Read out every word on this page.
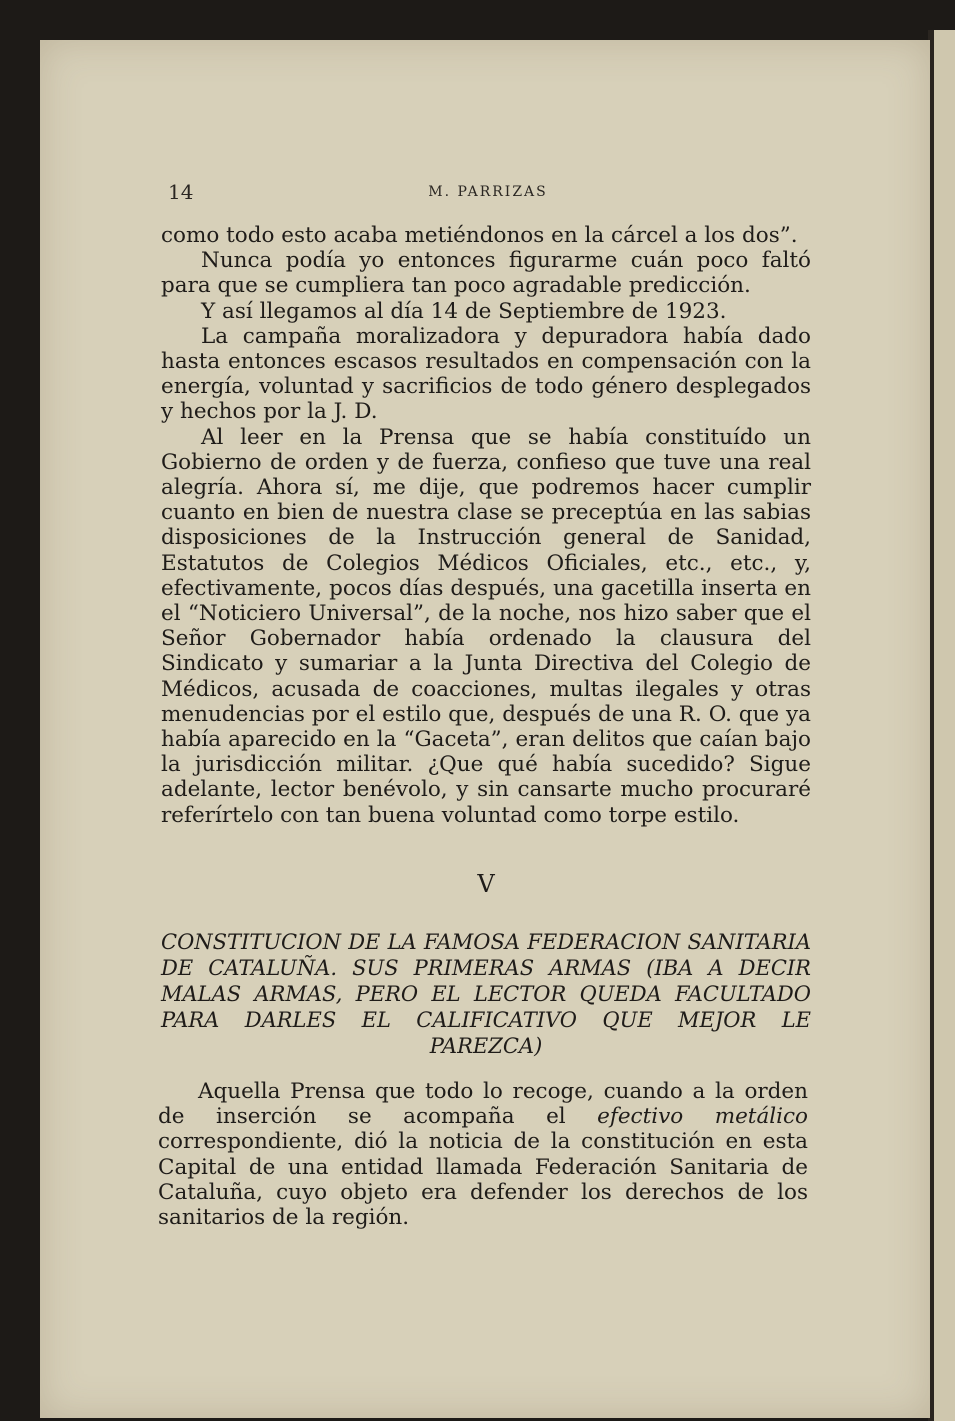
14	M. PARRIZAS

como todo esto acaba metiéndonos en la cárcel a los dos”.

Nunca podía yo entonces figurarme cuán poco faltó para que se cumpliera tan poco agradable predicción.

Y así llegamos al día 14 de Septiembre de 1923.

La campaña moralizadora y depuradora había dado hasta entonces escasos resultados en compensación con la energía, voluntad y sacrificios de todo género desplegados y hechos por la J. D.

Al leer en la Prensa que se había constituído un Gobierno de orden y de fuerza, confieso que tuve una real alegría. Ahora sí, me dije, que podremos hacer cumplir cuanto en bien de nuestra clase se preceptúa en las sabias disposiciones de la Instrucción general de Sanidad, Estatutos de Colegios Médicos Oficiales, etc., etc., y, efectivamente, pocos días después, una gacetilla inserta en el “Noticiero Universal”, de la noche, nos hizo saber que el Señor Gobernador había ordenado la clausura del Sindicato y sumariar a la Junta Directiva del Colegio de Médicos, acusada de coacciones, multas ilegales y otras menudencias por el estilo que, después de una R. O. que ya había aparecido en la “Gaceta”, eran delitos que caían bajo la jurisdicción militar. ¿Que qué había sucedido? Sigue adelante, lector benévolo, y sin cansarte mucho procuraré referírtelo con tan buena voluntad como torpe estilo.

V
CONSTITUCION DE LA FAMOSA FEDERACION SANITARIA DE CATALUÑA. SUS PRIMERAS ARMAS (IBA A DECIR MALAS ARMAS, PERO EL LECTOR QUEDA FACULTADO PARA DARLES EL CALIFICATIVO QUE MEJOR LE PAREZCA)

Aquella Prensa que todo lo recoge, cuando a la orden de inserción se acompaña el efectivo metálico correspondiente, dió la noticia de la constitución en esta Capital de una entidad llamada Federación Sanitaria de Cataluña, cuyo objeto era defender los derechos de los sanitarios de la región.
